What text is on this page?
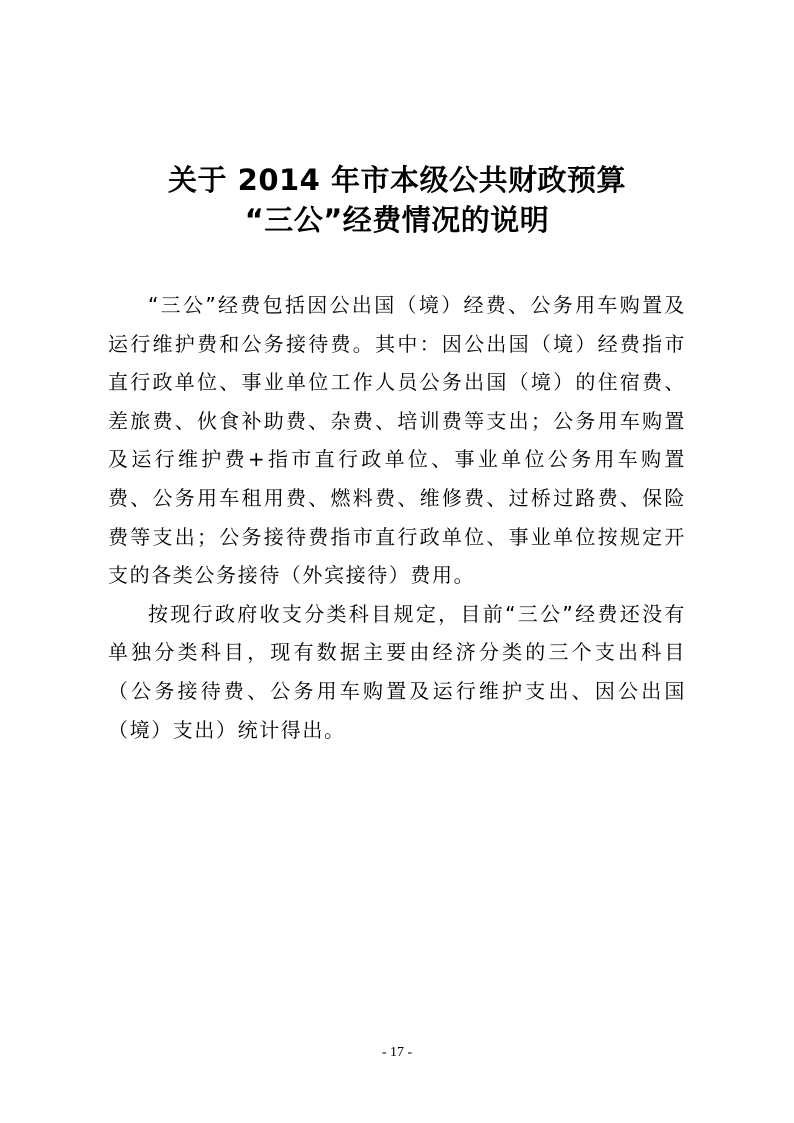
关于 2014 年市本级公共财政预算
“三公”经费情况的说明

“三公”经费包括因公出国（境）经费、公务用车购置及运行维护费和公务接待费。其中：因公出国（境）经费指市直行政单位、事业单位工作人员公务出国（境）的住宿费、差旅费、伙食补助费、杂费、培训费等支出；公务用车购置及运行维护费+指市直行政单位、事业单位公务用车购置费、公务用车租用费、燃料费、维修费、过桥过路费、保险费等支出；公务接待费指市直行政单位、事业单位按规定开支的各类公务接待（外宾接待）费用。

按现行政府收支分类科目规定，目前“三公”经费还没有单独分类科目，现有数据主要由经济分类的三个支出科目（公务接待费、公务用车购置及运行维护支出、因公出国（境）支出）统计得出。

- 17 -
